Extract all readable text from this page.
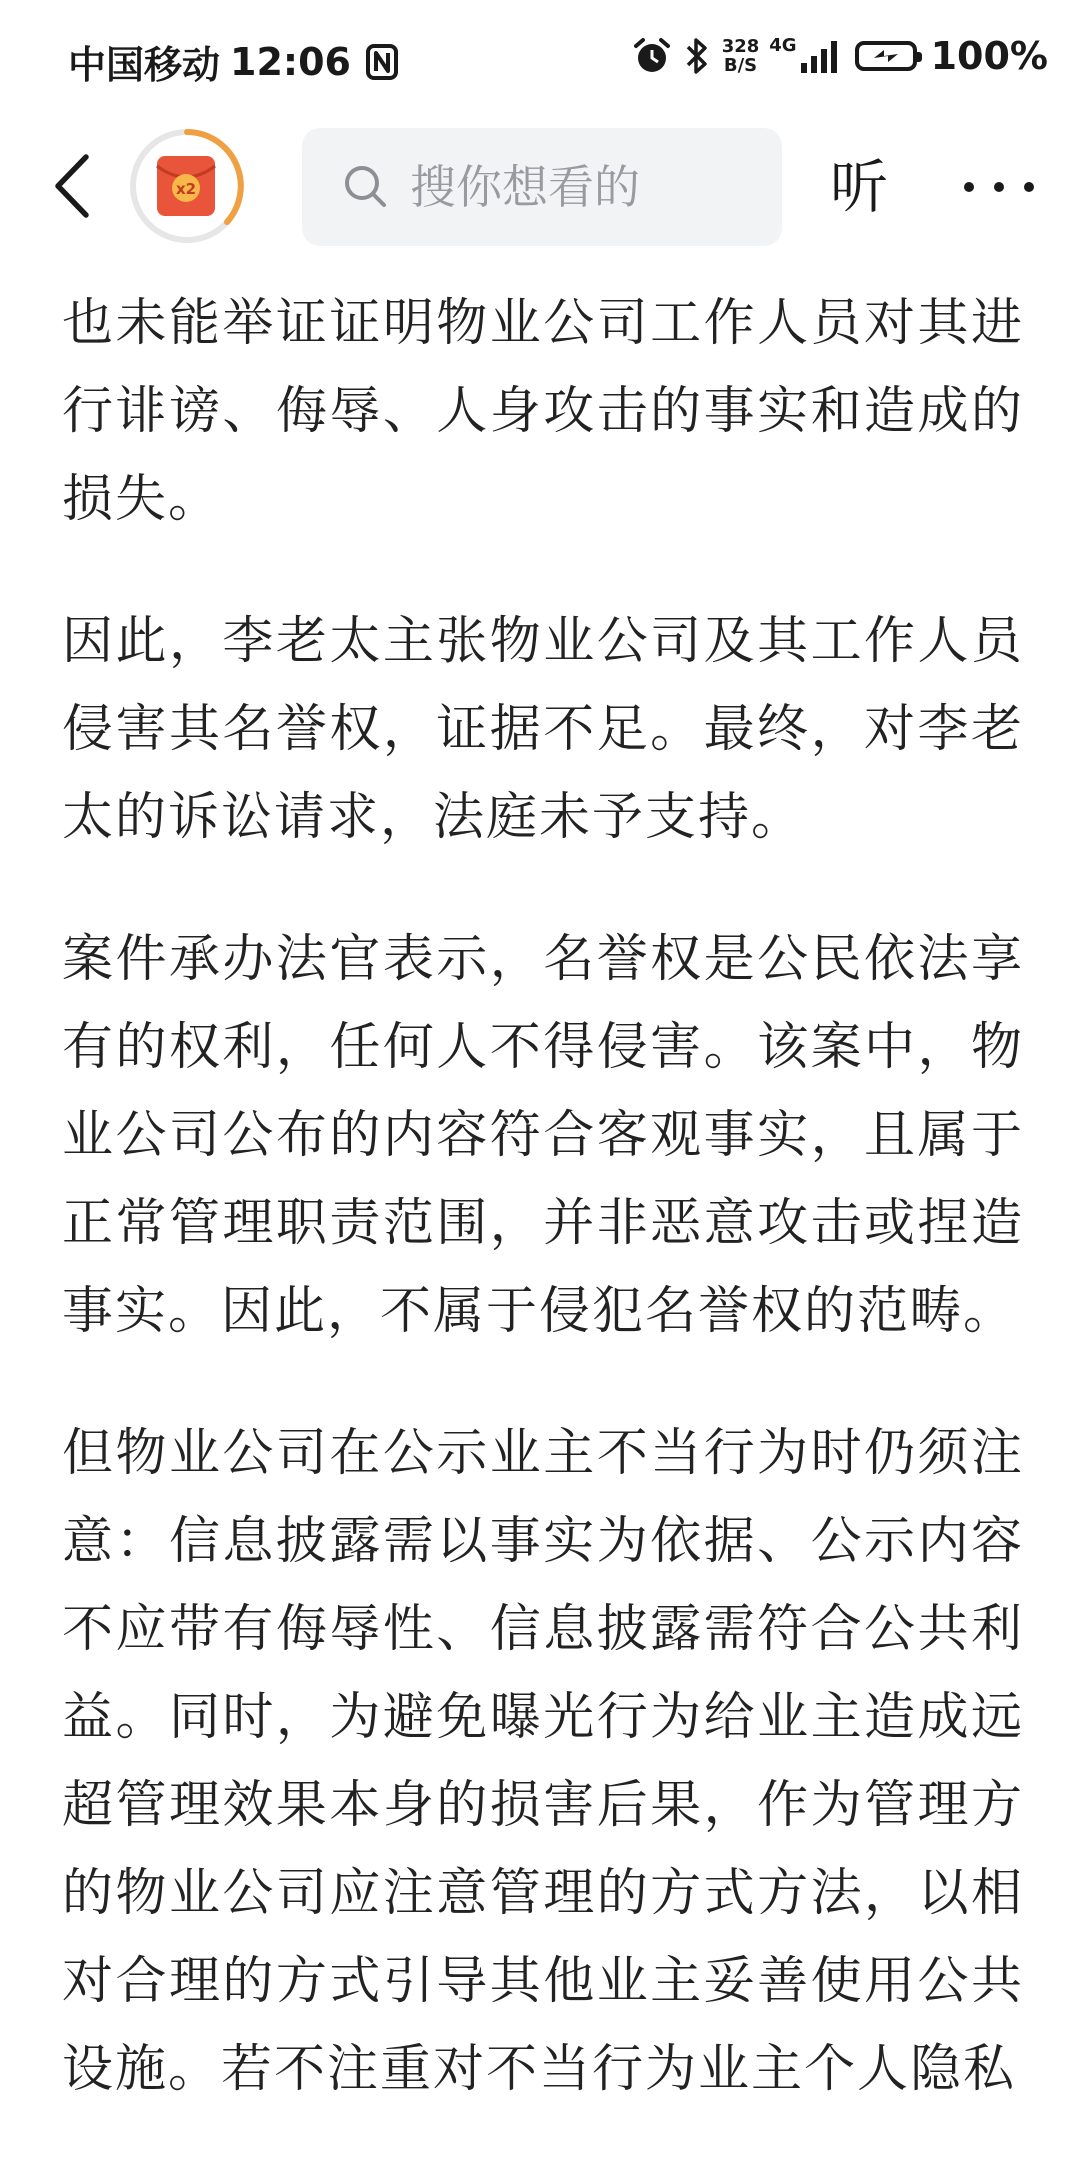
中国移动 12:06	328
B/S
4G	100%
x2
搜你想看的	听

也未能举证证明物业公司工作人员对其进行诽谤、侮辱、人身攻击的事实和造成的损失。

因此，李老太主张物业公司及其工作人员侵害其名誉权，证据不足。最终，对李老太的诉讼请求，法庭未予支持。

案件承办法官表示，名誉权是公民依法享有的权利，任何人不得侵害。该案中，物业公司公布的内容符合客观事实，且属于正常管理职责范围，并非恶意攻击或捏造事实。因此，不属于侵犯名誉权的范畴。

但物业公司在公示业主不当行为时仍须注意：信息披露需以事实为依据、公示内容不应带有侮辱性、信息披露需符合公共利益。同时，为避免曝光行为给业主造成远超管理效果本身的损害后果，作为管理方的物业公司应注意管理的方式方法，以相对合理的方式引导其他业主妥善使用公共设施。若不注重对不当行为业主个人隐私
